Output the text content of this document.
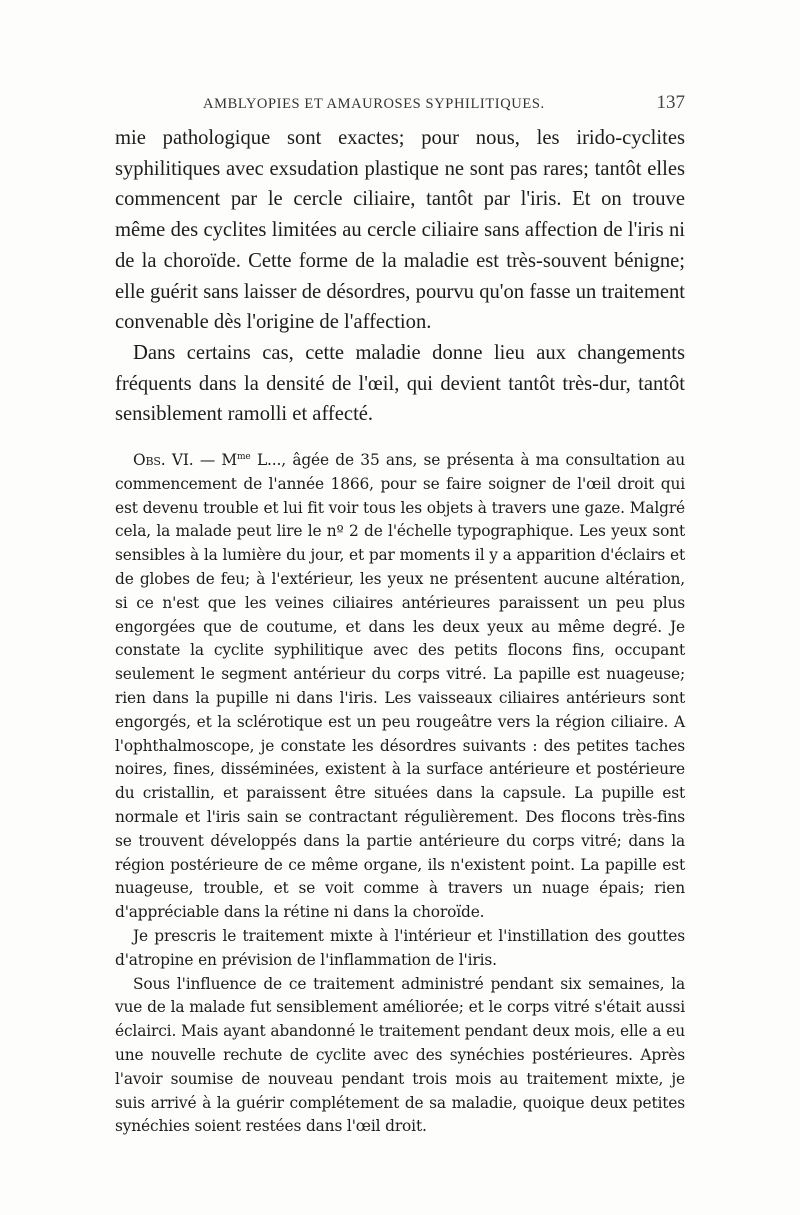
AMBLYOPIES ET AMAUROSES SYPHILITIQUES.	137

mie pathologique sont exactes; pour nous, les irido-cyclites syphilitiques avec exsudation plastique ne sont pas rares; tantôt elles commencent par le cercle ciliaire, tantôt par l'iris. Et on trouve même des cyclites limitées au cercle ciliaire sans affection de l'iris ni de la choroïde. Cette forme de la maladie est très-souvent bénigne; elle guérit sans laisser de désordres, pourvu qu'on fasse un traitement convenable dès l'origine de l'affection.

Dans certains cas, cette maladie donne lieu aux changements fréquents dans la densité de l'œil, qui devient tantôt très-dur, tantôt sensiblement ramolli et affecté.

Obs. VI. — $M^{me}$ L..., âgée de 35 ans, se présenta à ma consultation au commencement de l'année 1866, pour se faire soigner de l'œil droit qui est devenu trouble et lui fit voir tous les objets à travers une gaze. Malgré cela, la malade peut lire le nº 2 de l'échelle typographique. Les yeux sont sensibles à la lumière du jour, et par moments il y a apparition d'éclairs et de globes de feu; à l'extérieur, les yeux ne présentent aucune altération, si ce n'est que les veines ciliaires antérieures paraissent un peu plus engorgées que de coutume, et dans les deux yeux au même degré. Je constate la cyclite syphilitique avec des petits flocons fins, occupant seulement le segment antérieur du corps vitré. La papille est nuageuse; rien dans la pupille ni dans l'iris. Les vaisseaux ciliaires antérieurs sont engorgés, et la sclérotique est un peu rougeâtre vers la région ciliaire. A l'ophthalmoscope, je constate les désordres suivants : des petites taches noires, fines, disséminées, existent à la surface antérieure et postérieure du cristallin, et paraissent être situées dans la capsule. La pupille est normale et l'iris sain se contractant régulièrement. Des flocons très-fins se trouvent développés dans la partie antérieure du corps vitré; dans la région postérieure de ce même organe, ils n'existent point. La papille est nuageuse, trouble, et se voit comme à travers un nuage épais; rien d'appréciable dans la rétine ni dans la choroïde.

Je prescris le traitement mixte à l'intérieur et l'instillation des gouttes d'atropine en prévision de l'inflammation de l'iris.

Sous l'influence de ce traitement administré pendant six semaines, la vue de la malade fut sensiblement améliorée; et le corps vitré s'était aussi éclairci. Mais ayant abandonné le traitement pendant deux mois, elle a eu une nouvelle rechute de cyclite avec des synéchies postérieures. Après l'avoir soumise de nouveau pendant trois mois au traitement mixte, je suis arrivé à la guérir complétement de sa maladie, quoique deux petites synéchies soient restées dans l'œil droit.
